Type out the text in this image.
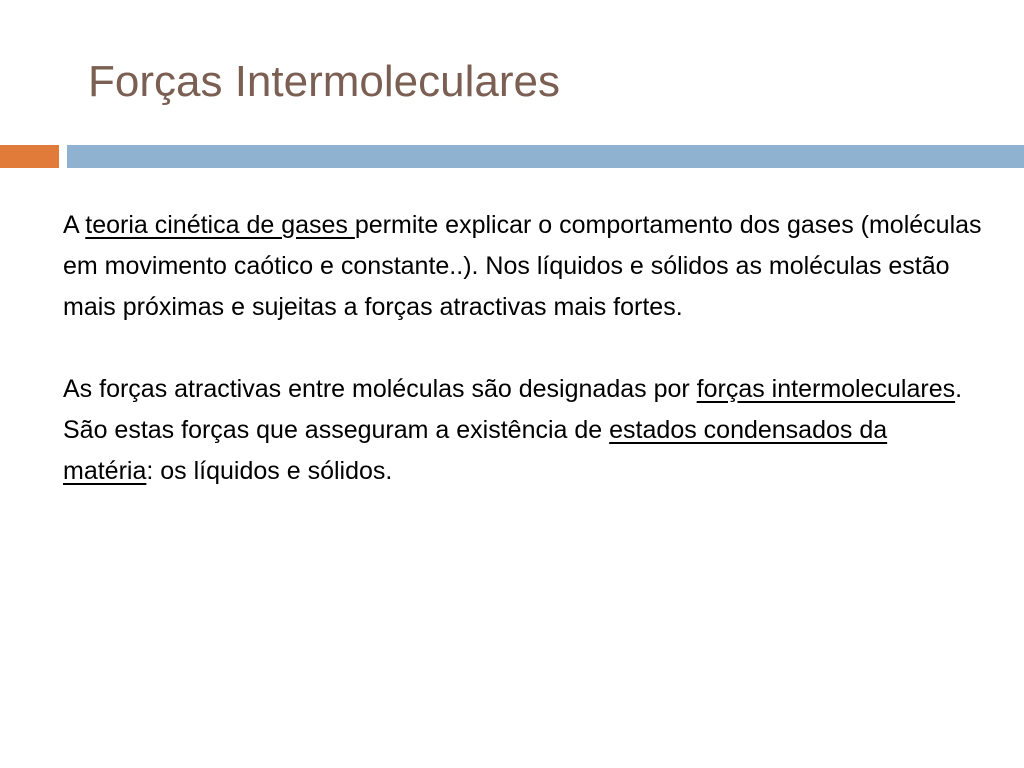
Forças Intermoleculares

A teoria cinética de gases permite explicar o comportamento dos gases (moléculas em movimento caótico e constante..). Nos líquidos e sólidos as moléculas estão mais próximas e sujeitas a forças atractivas mais fortes.

As forças atractivas entre moléculas são designadas por forças intermoleculares. São estas forças que asseguram a existência de estados condensados da matéria: os líquidos e sólidos.
